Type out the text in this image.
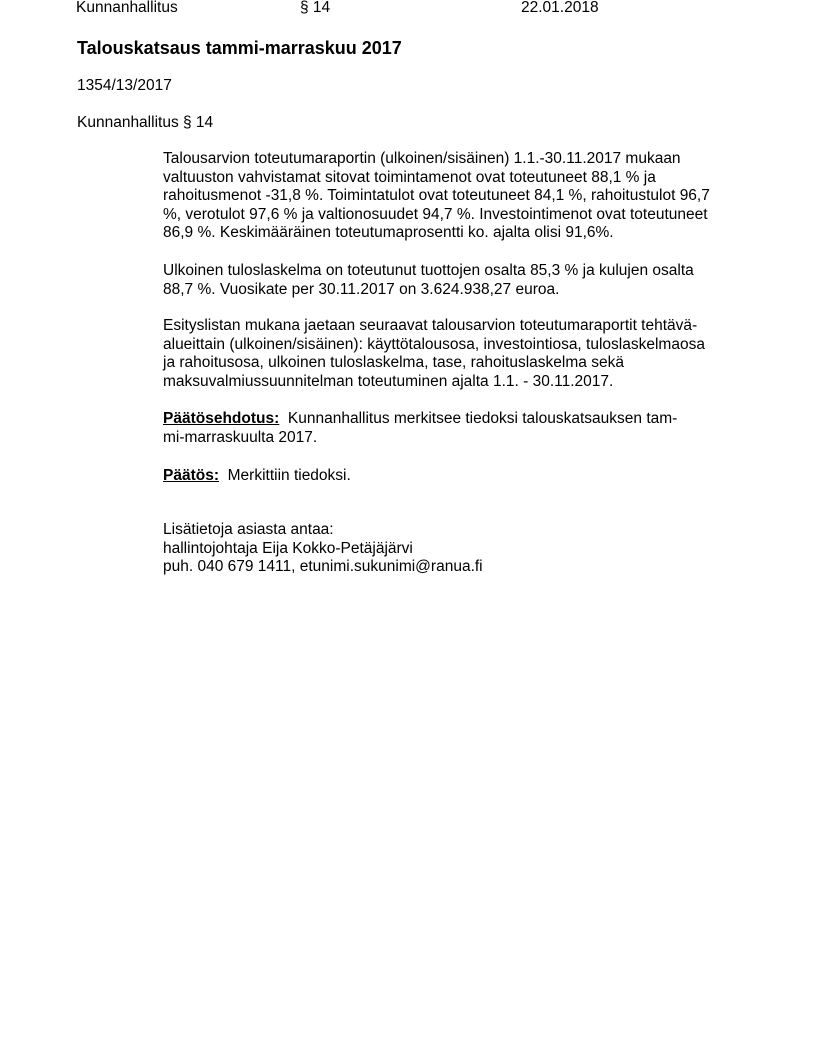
Kunnanhallitus	§ 14	22.01.2018
Talouskatsaus tammi-marraskuu 2017
1354/13/2017
Kunnanhallitus § 14
Talousarvion toteutumaraportin (ulkoinen/sisäinen) 1.1.-30.11.2017 mukaan
valtuuston vahvistamat sitovat toimintamenot ovat toteutuneet 88,1 % ja
rahoitusmenot -31,8 %. Toimintatulot ovat toteutuneet 84,1 %, rahoitustulot 96,7
%, verotulot 97,6 % ja valtionosuudet 94,7 %. Investointimenot ovat toteutuneet
86,9 %. Keskimääräinen toteutumaprosentti ko. ajalta olisi 91,6%.
Ulkoinen tuloslaskelma on toteutunut tuottojen osalta 85,3 % ja kulujen osalta
88,7 %. Vuosikate per 30.11.2017 on 3.624.938,27 euroa.
Esityslistan mukana jaetaan seuraavat talousarvion toteutumaraportit tehtävä-
alueittain (ulkoinen/sisäinen): käyttötalousosa, investointiosa, tuloslaskelmaosa
ja rahoitusosa, ulkoinen tuloslaskelma, tase, rahoituslaskelma sekä
maksuvalmiussuunnitelman toteutuminen ajalta 1.1. - 30.11.2017.
Päätösehdotus: Kunnanhallitus merkitsee tiedoksi talouskatsauksen tam-
mi-marraskuulta 2017.
Päätös: Merkittiin tiedoksi.
Lisätietoja asiasta antaa:
hallintojohtaja Eija Kokko-Petäjäjärvi
puh. 040 679 1411, etunimi.sukunimi@ranua.fi
